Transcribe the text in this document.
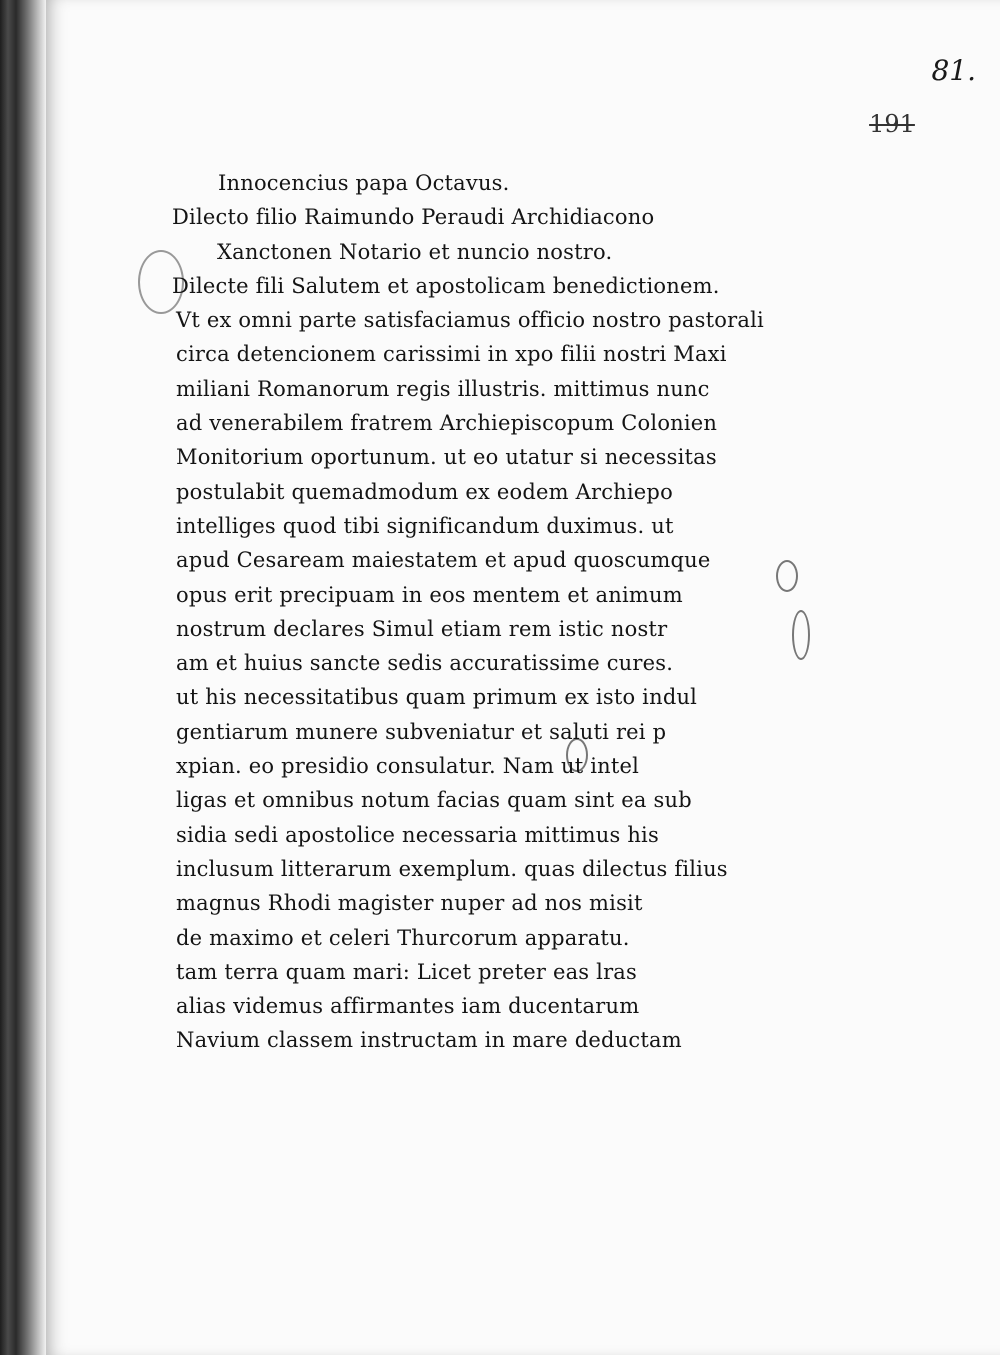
81.
191
Innocencius papa Octavus.
Dilecto filio Raimundo Peraudi Archidiacono
Xanctonen Notario et nuncio nostro.
Dilecte fili Salutem et apostolicam benedictionem.
Vt ex omni parte satisfaciamus officio nostro pastorali
circa detencionem carissimi in xpo filii nostri Maxi
miliani Romanorum regis illustris. mittimus nunc
ad venerabilem fratrem Archiepiscopum Colonien
Monitorium oportunum. ut eo utatur si necessitas
postulabit quemadmodum ex eodem Archiepo
intelliges quod tibi significandum duximus. ut
apud Cesaream maiestatem et apud quoscumque
opus erit precipuam in eos mentem et animum
nostrum declares Simul etiam rem istic nostr
am et huius sancte sedis accuratissime cures.
ut his necessitatibus quam primum ex isto indul
gentiarum munere subveniatur et saluti rei p
xpian. eo presidio consulatur. Nam ut intel
ligas et omnibus notum facias quam sint ea sub
sidia sedi apostolice necessaria mittimus his
inclusum litterarum exemplum. quas dilectus filius
magnus Rhodi magister nuper ad nos misit
de maximo et celeri Thurcorum apparatu.
tam terra quam mari: Licet preter eas lras
alias videmus affirmantes iam ducentarum
Navium classem instructam in mare deductam
